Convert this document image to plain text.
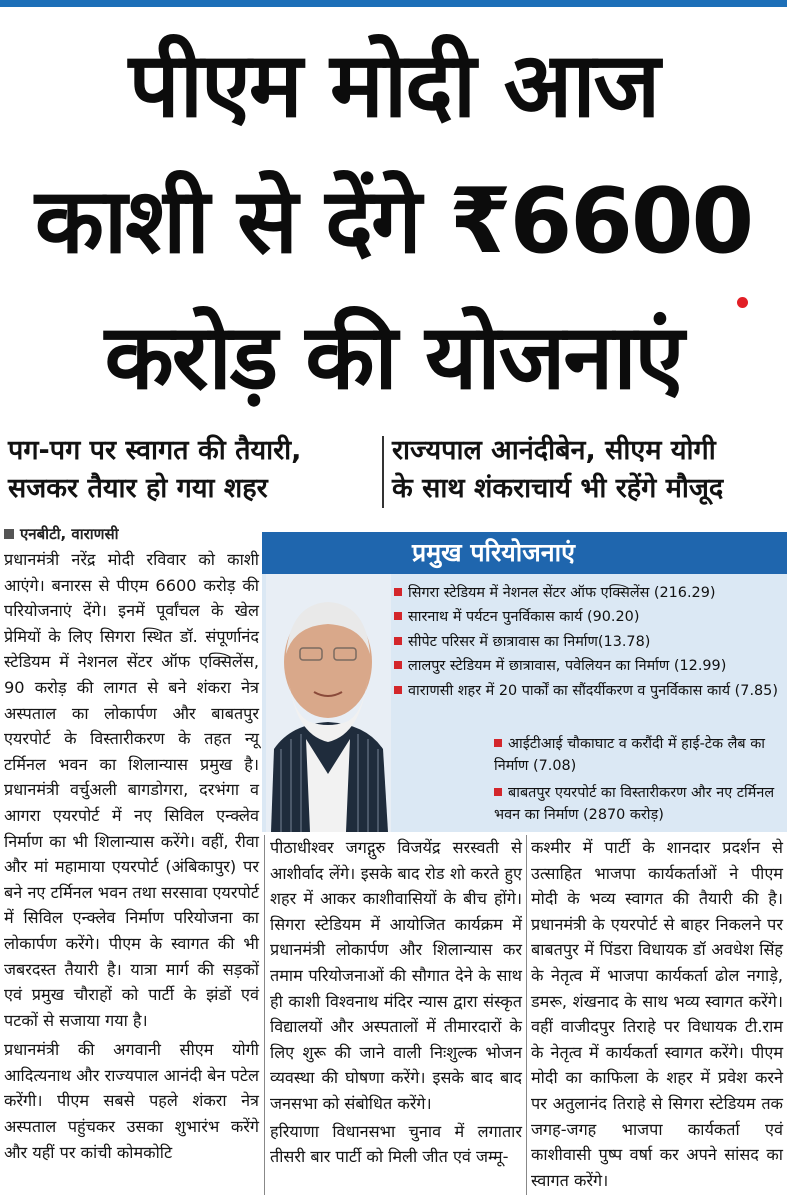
पीएम मोदी आज
काशी से देंगे ₹6600
करोड़ की योजनाएं
पग-पग पर स्वागत की तैयारी,
सजकर तैयार हो गया शहर
राज्यपाल आनंदीबेन, सीएम योगी
के साथ शंकराचार्य भी रहेंगे मौजूद
एनबीटी, वाराणसी

प्रधानमंत्री नरेंद्र मोदी रविवार को काशी आएंगे। बनारस से पीएम 6600 करोड़ की परियोजनाएं देंगे। इनमें पूर्वांचल के खेल प्रेमियों के लिए सिगरा स्थित डॉ. संपूर्णानंद स्टेडियम में नेशनल सेंटर ऑफ एक्सिलेंस, 90 करोड़ की लागत से बने शंकरा नेत्र अस्पताल का लोकार्पण और बाबतपुर एयरपोर्ट के विस्तारीकरण के तहत न्यू टर्मिनल भवन का शिलान्यास प्रमुख है। प्रधानमंत्री वर्चुअली बागडोगरा, दरभंगा व आगरा एयरपोर्ट में नए सिविल एन्क्लेव निर्माण का भी शिलान्यास करेंगे। वहीं, रीवा और मां महामाया एयरपोर्ट (अंबिकापुर) पर बने नए टर्मिनल भवन तथा सरसावा एयरपोर्ट में सिविल एन्क्लेव निर्माण परियोजना का लोकार्पण करेंगे। पीएम के स्वागत की भी जबरदस्त तैयारी है। यात्रा मार्ग की सड़कों एवं प्रमुख चौराहों को पार्टी के झंडों एवं पटकों से सजाया गया है।

प्रधानमंत्री की अगवानी सीएम योगी आदित्यनाथ और राज्यपाल आनंदी बेन पटेल करेंगी। पीएम सबसे पहले शंकरा नेत्र अस्पताल पहुंचकर उसका शुभारंभ करेंगे और यहीं पर कांची कोमकोटि

प्रमुख परियोजनाएं
सिगरा स्टेडियम में नेशनल सेंटर ऑफ एक्सिलेंस (216.29)
सारनाथ में पर्यटन पुनर्विकास कार्य (90.20)
सीपेट परिसर में छात्रावास का निर्माण(13.78)
लालपुर स्टेडियम में छात्रावास, पवेलियन का निर्माण (12.99)
वाराणसी शहर में 20 पार्कों का सौंदर्यीकरण व पुनर्विकास कार्य (7.85)
आईटीआई चौकाघाट व करौंदी में हाई-टेक लैब का निर्माण (7.08)
बाबतपुर एयरपोर्ट का विस्तारीकरण और नए टर्मिनल भवन का निर्माण (2870 करोड़)

पीठाधीश्वर जगद्गुरु विजयेंद्र सरस्वती से आशीर्वाद लेंगे। इसके बाद रोड शो करते हुए शहर में आकर काशीवासियों के बीच होंगे। सिगरा स्टेडियम में आयोजित कार्यक्रम में प्रधानमंत्री लोकार्पण और शिलान्यास कर तमाम परियोजनाओं की सौगात देने के साथ ही काशी विश्वनाथ मंदिर न्यास द्वारा संस्कृत विद्यालयों और अस्पतालों में तीमारदारों के लिए शुरू की जाने वाली निःशुल्क भोजन व्यवस्था की घोषणा करेंगे। इसके बाद बाद जनसभा को संबोधित करेंगे।

हरियाणा विधानसभा चुनाव में लगातार तीसरी बार पार्टी को मिली जीत एवं जम्मू-

कश्मीर में पार्टी के शानदार प्रदर्शन से उत्साहित भाजपा कार्यकर्ताओं ने पीएम मोदी के भव्य स्वागत की तैयारी की है। प्रधानमंत्री के एयरपोर्ट से बाहर निकलने पर बाबतपुर में पिंडरा विधायक डॉ अवधेश सिंह के नेतृत्व में भाजपा कार्यकर्ता ढोल नगाड़े, डमरू, शंखनाद के साथ भव्य स्वागत करेंगे। वहीं वाजीदपुर तिराहे पर विधायक टी.राम के नेतृत्व में कार्यकर्ता स्वागत करेंगे। पीएम मोदी का काफिला के शहर में प्रवेश करने पर अतुलानंद तिराहे से सिगरा स्टेडियम तक जगह-जगह भाजपा कार्यकर्ता एवं काशीवासी पुष्प वर्षा कर अपने सांसद का स्वागत करेंगे।
